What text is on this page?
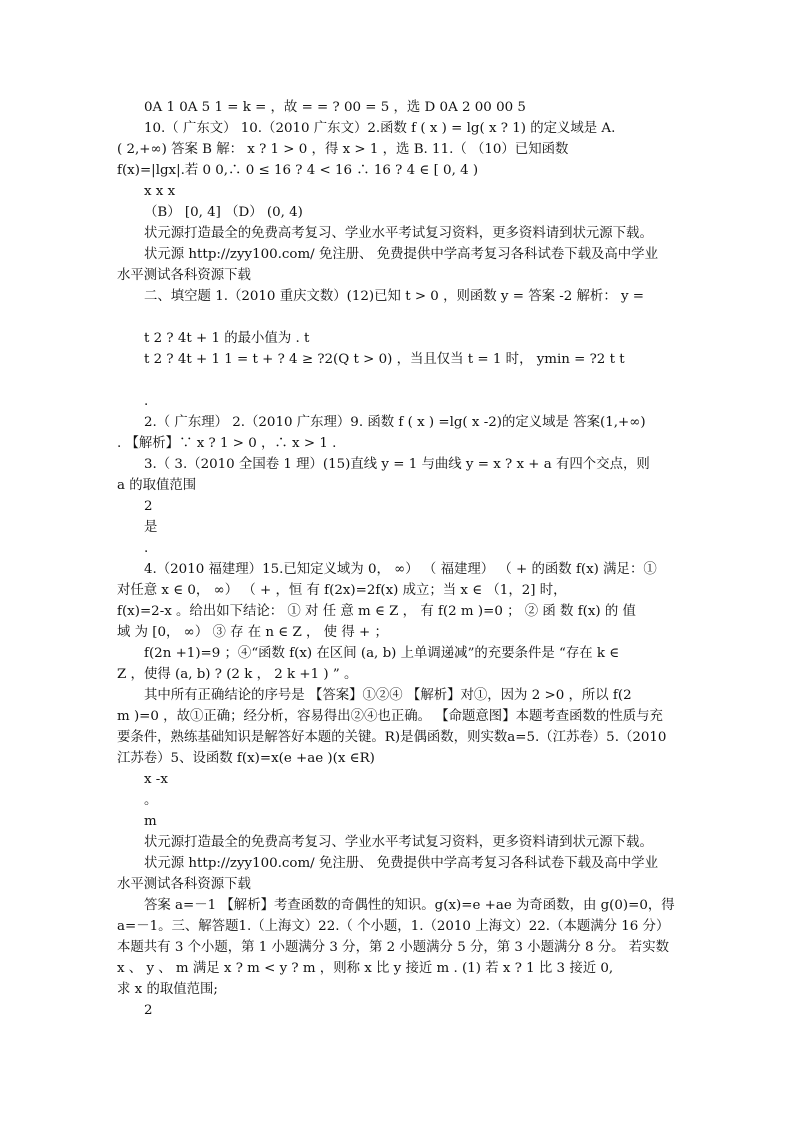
0A 1 0A 5 1 = k = ，故 = = ? 00 = 5 ，选 D 0A 2 00 00 5
10.（ 广东文） 10.（2010 广东文）2.函数 f ( x ) = lg( x ? 1) 的定义域是 A.
( 2,+∞) 答案 B 解： x ? 1 > 0 ，得 x > 1 ，选 B. 11.（ （10）已知函数
f(x)=|lgx|.若 0 0,∴ 0 ≤ 16 ? 4 < 16 ∴ 16 ? 4 ∈ [ 0, 4 )
x x x
（B） [0, 4] （D） (0, 4)
状元源打造最全的免费高考复习、学业水平考试复习资料，更多资料请到状元源下载。
状元源 http://zyy100.com/ 免注册、 免费提供中学高考复习各科试卷下载及高中学业
水平测试各科资源下载
二、填空题 1.（2010 重庆文数）(12)已知 t > 0 ，则函数 y = 答案 -2 解析： y =
t 2 ? 4t + 1 的最小值为 . t
t 2 ? 4t + 1 1 = t + ? 4 ≥ ?2(Q t > 0) ，当且仅当 t = 1 时， ymin = ?2 t t
.
2.（ 广东理） 2.（2010 广东理）9. 函数 f ( x ) =lg( x -2)的定义域是 答案(1,+∞)
. 【解析】∵ x ? 1 > 0 ，∴ x > 1 .
3.（ 3.（2010 全国卷 1 理）(15)直线 y = 1 与曲线 y = x ? x + a 有四个交点，则
a 的取值范围
2
是
.
4.（2010 福建理）15.已知定义域为 0， ∞） （ 福建理） （ + 的函数 f(x) 满足：①
对任意 x ∈ 0， ∞） （ + ，恒 有 f(2x)=2f(x) 成立；当 x ∈ （1，2] 时，
f(x)=2-x 。给出如下结论： ① 对 任 意 m ∈ Z ， 有 f(2 m )=0 ； ② 函 数 f(x) 的 值
域 为 [0， ∞） ③ 存 在 n ∈ Z ， 使 得 + ；
f(2n +1)=9 ；④“函数 f(x) 在区间 (a, b) 上单调递减”的充要条件是 “存在 k ∈
Z ，使得 (a, b) ? (2 k ， 2 k +1 ) ” 。
其中所有正确结论的序号是 【答案】①②④ 【解析】对①，因为 2 >0 ，所以 f(2
m )=0 ，故①正确；经分析，容易得出②④也正确。 【命题意图】本题考查函数的性质与充
要条件，熟练基础知识是解答好本题的关键。R)是偶函数，则实数a=5.（江苏卷）5.（2010
江苏卷）5、设函数 f(x)=x(e +ae )(x ∈R)
x -x
。
m
状元源打造最全的免费高考复习、学业水平考试复习资料，更多资料请到状元源下载。
状元源 http://zyy100.com/ 免注册、 免费提供中学高考复习各科试卷下载及高中学业
水平测试各科资源下载
答案 a=－1 【解析】考查函数的奇偶性的知识。g(x)=e +ae 为奇函数，由 g(0)=0，得
a=－1。三、解答题1.（上海文）22.（ 个小题，1.（2010 上海文）22.（本题满分 16 分）
本题共有 3 个小题，第 1 小题满分 3 分，第 2 小题满分 5 分，第 3 小题满分 8 分。 若实数
x 、 y 、 m 满足 x ? m < y ? m ，则称 x 比 y 接近 m . (1) 若 x ? 1 比 3 接近 0,
求 x 的取值范围;
2
